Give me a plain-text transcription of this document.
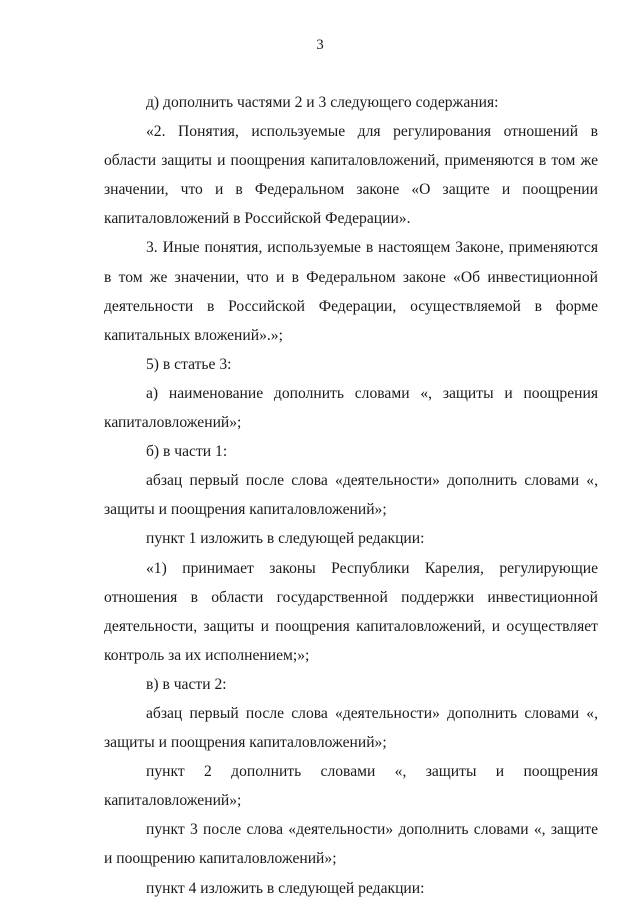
3

д) дополнить частями 2 и 3 следующего содержания:

«2. Понятия, используемые для регулирования отношений в области защиты и поощрения капиталовложений, применяются в том же значении, что и в Федеральном законе «О защите и поощрении капиталовложений в Российской Федерации».

3. Иные понятия, используемые в настоящем Законе, применяются в том же значении, что и в Федеральном законе «Об инвестиционной деятельности в Российской Федерации, осуществляемой в форме капитальных вложений».»;

5) в статье 3:

а) наименование дополнить словами «, защиты и поощрения капиталовложений»;

б) в части 1:

абзац первый после слова «деятельности» дополнить словами «, защиты и поощрения капиталовложений»;

пункт 1 изложить в следующей редакции:

«1) принимает законы Республики Карелия, регулирующие отношения в области государственной поддержки инвестиционной деятельности, защиты и поощрения капиталовложений, и осуществляет контроль за их исполнением;»;

в) в части 2:

абзац первый после слова «деятельности» дополнить словами «, защиты и поощрения капиталовложений»;

пункт 2 дополнить словами «, защиты и поощрения капиталовложений»;

пункт 3 после слова «деятельности» дополнить словами «, защите и поощрению капиталовложений»;

пункт 4 изложить в следующей редакции:
